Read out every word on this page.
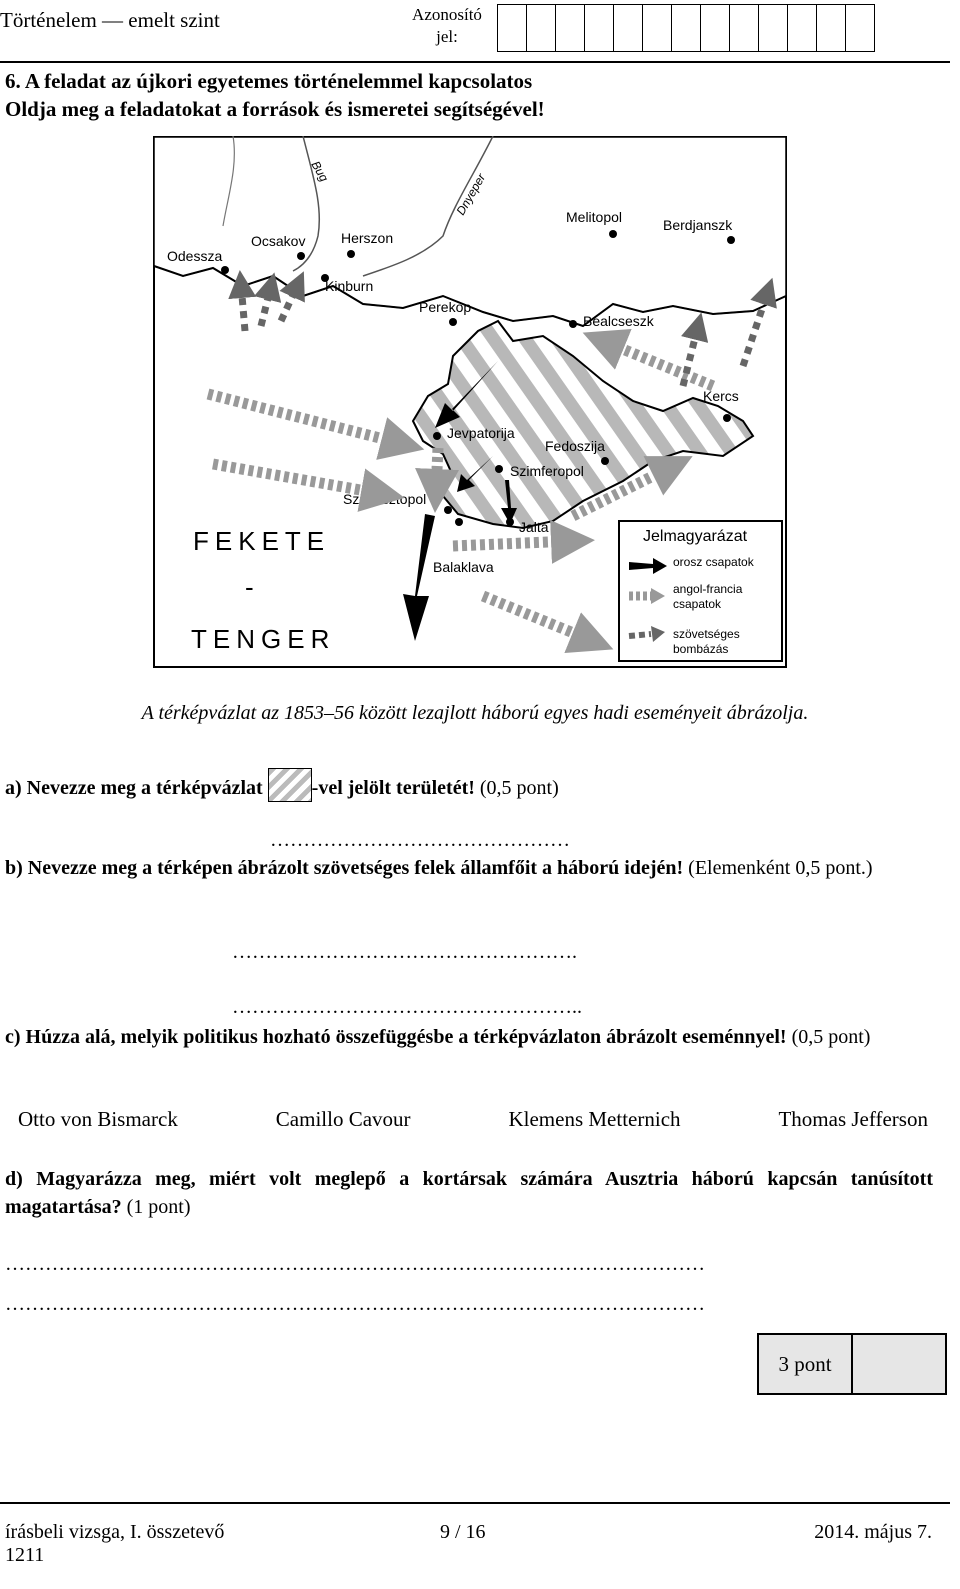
Történelem — emelt szint	Azonosító
jel:
6. A feladat az újkori egyetemes történelemmel kapcsolatos
Oldja meg a feladatokat a források és ismeretei segítségével!
Bug	Dnyeper
Odessza
Ocsakov	Herszon
Kinburn
Melitopol	Berdjanszk
Perekop
Bealcseszk
Kercs
Jevpatorija
Fedoszija
Szimferopol
Szevasztopol
Jalta
Balaklava
FEKETE
-
TENGER
Jelmagyarázat
orosz csapatok
angol-francia
csapatok
szövetséges
bombázás
A térképvázlat az 1853–56 között lezajlott háború egyes hadi eseményeit ábrázolja.
a) Nevezze meg a térképvázlat -vel jelölt területét! (0,5 pont)
………………………………………
b) Nevezze meg a térképen ábrázolt szövetséges felek államfőit a háború idején! (Elemenként 0,5 pont.)
…………………………………………….
……………………………………………..
c) Húzza alá, melyik politikus hozható összefüggésbe a térképvázlaton ábrázolt eseménnyel! (0,5 pont)
Otto von Bismarck	Camillo Cavour	Klemens Metternich	Thomas Jefferson
d) Magyarázza meg, miért volt meglepő a kortársak számára Ausztria háború kapcsán tanúsított magatartása? (1 pont)
……………………………………………………………………………………………
……………………………………………………………………………………………
3 pont
írásbeli vizsga, I. összetevő
1211
9 / 16	2014. május 7.
